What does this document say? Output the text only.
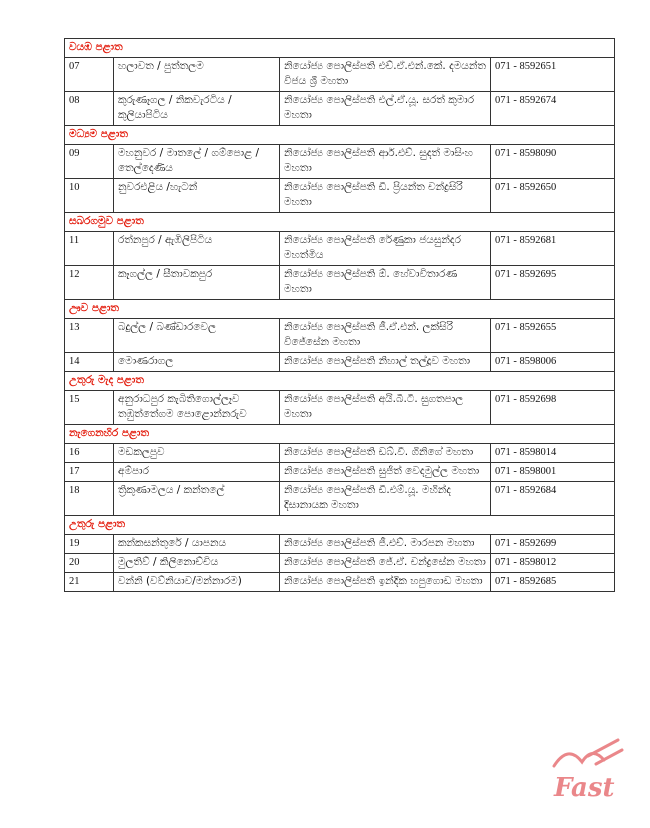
වයඹ පළාත			
07	හලාවත / පුත්තලම	නියෝජ්‍ය පොලිස්පති එච්.ඒ.එන්.කේ. දමයන්ත විජය ශ්‍රී මහතා	071 - 8592651
08	කුරුණෑගල / නිකවැරටිය / කුලියාපිටිය	නියෝජ්‍ය පොලිස්පති එල්.ඒ.යූ. සරත් කුමාර මහතා	071 - 8592674
මධ්‍යම පළාත			
09	මහනුවර / මාතලේ / ගම්පොළ / තෙල්දෙණිය	නියෝජ්‍ය පොලිස්පති ආර්.එච්. සුදත් මාසිංහ මහතා	071 - 8598090
10	නුවරඑළිය /හැටන්	නියෝජ්‍ය පොලිස්පති ඩී. ප්‍රියන්ත චන්ද්‍රසිරි මහතා	071 - 8592650
සබරගමුව පළාත			
11	රත්නපුර / ඇඹිලිපිටිය	නියෝජ්‍ය පොලිස්පති රේණුකා ජයසුන්දර මහත්මිය	071 - 8592681
12	කෑගල්ල / සීතාවකපුර	නියෝජ්‍ය පොලිස්පති ඕ. හේවාවිතාරණ මහතා	071 - 8592695
ඌව පළාත			
13	බදුල්ල / බණ්ඩාරවෙල	නියෝජ්‍ය පොලිස්පති ජී.ඒ.එන්. ලක්සිරි විජේසේන මහතා	071 - 8592655
14	මොණරාගල	නියෝජ්‍ය පොලිස්පති නිහාල් තල්දූව මහතා	071 - 8598006
උතුරු මැද පළාත			
15	අනුරාධපුර කැබිතිගොල්ලෑව තඹුත්තේගම පොළොන්නරුව	නියෝජ්‍ය පොලිස්පති අයි.බී.ටී. සුගතපාල මහතා	071 - 8592698
නැගෙනහිර පළාත			
16	මඩකලපුව	නියෝජ්‍ය පොලිස්පති ඩබ්.වී. ගිනිගේ මහතා	071 - 8598014
17	අම්පාර	නියෝජ්‍ය පොලිස්පති සුජිත් වෙදමුල්ල මහතා	071 - 8598001
18	ත්‍රිකුණාමලය / කන්තලේ	නියෝජ්‍ය පොලිස්පති ඩී.එම්.යූ. මහින්ද දිසානායක මහතා	071 - 8592684
උතුරු පළාත			
19	කන්කසන්තුරේ / යාපනය	නියෝජ්‍ය පොලිස්පති ජී.එච්. මාරපන මහතා	071 - 8592699
20	මුලතිව් / කිලිනොච්චිය	නියෝජ්‍ය පොලිස්පති ජේ.ඒ. චන්ද්‍රසේන මහතා	071 - 8598012
21	වන්නි (වව්නියාව/මන්නාරම)	නියෝජ්‍ය පොලිස්පති ඉන්දික හපුගොඩ මහතා	071 - 8592685
Fast
